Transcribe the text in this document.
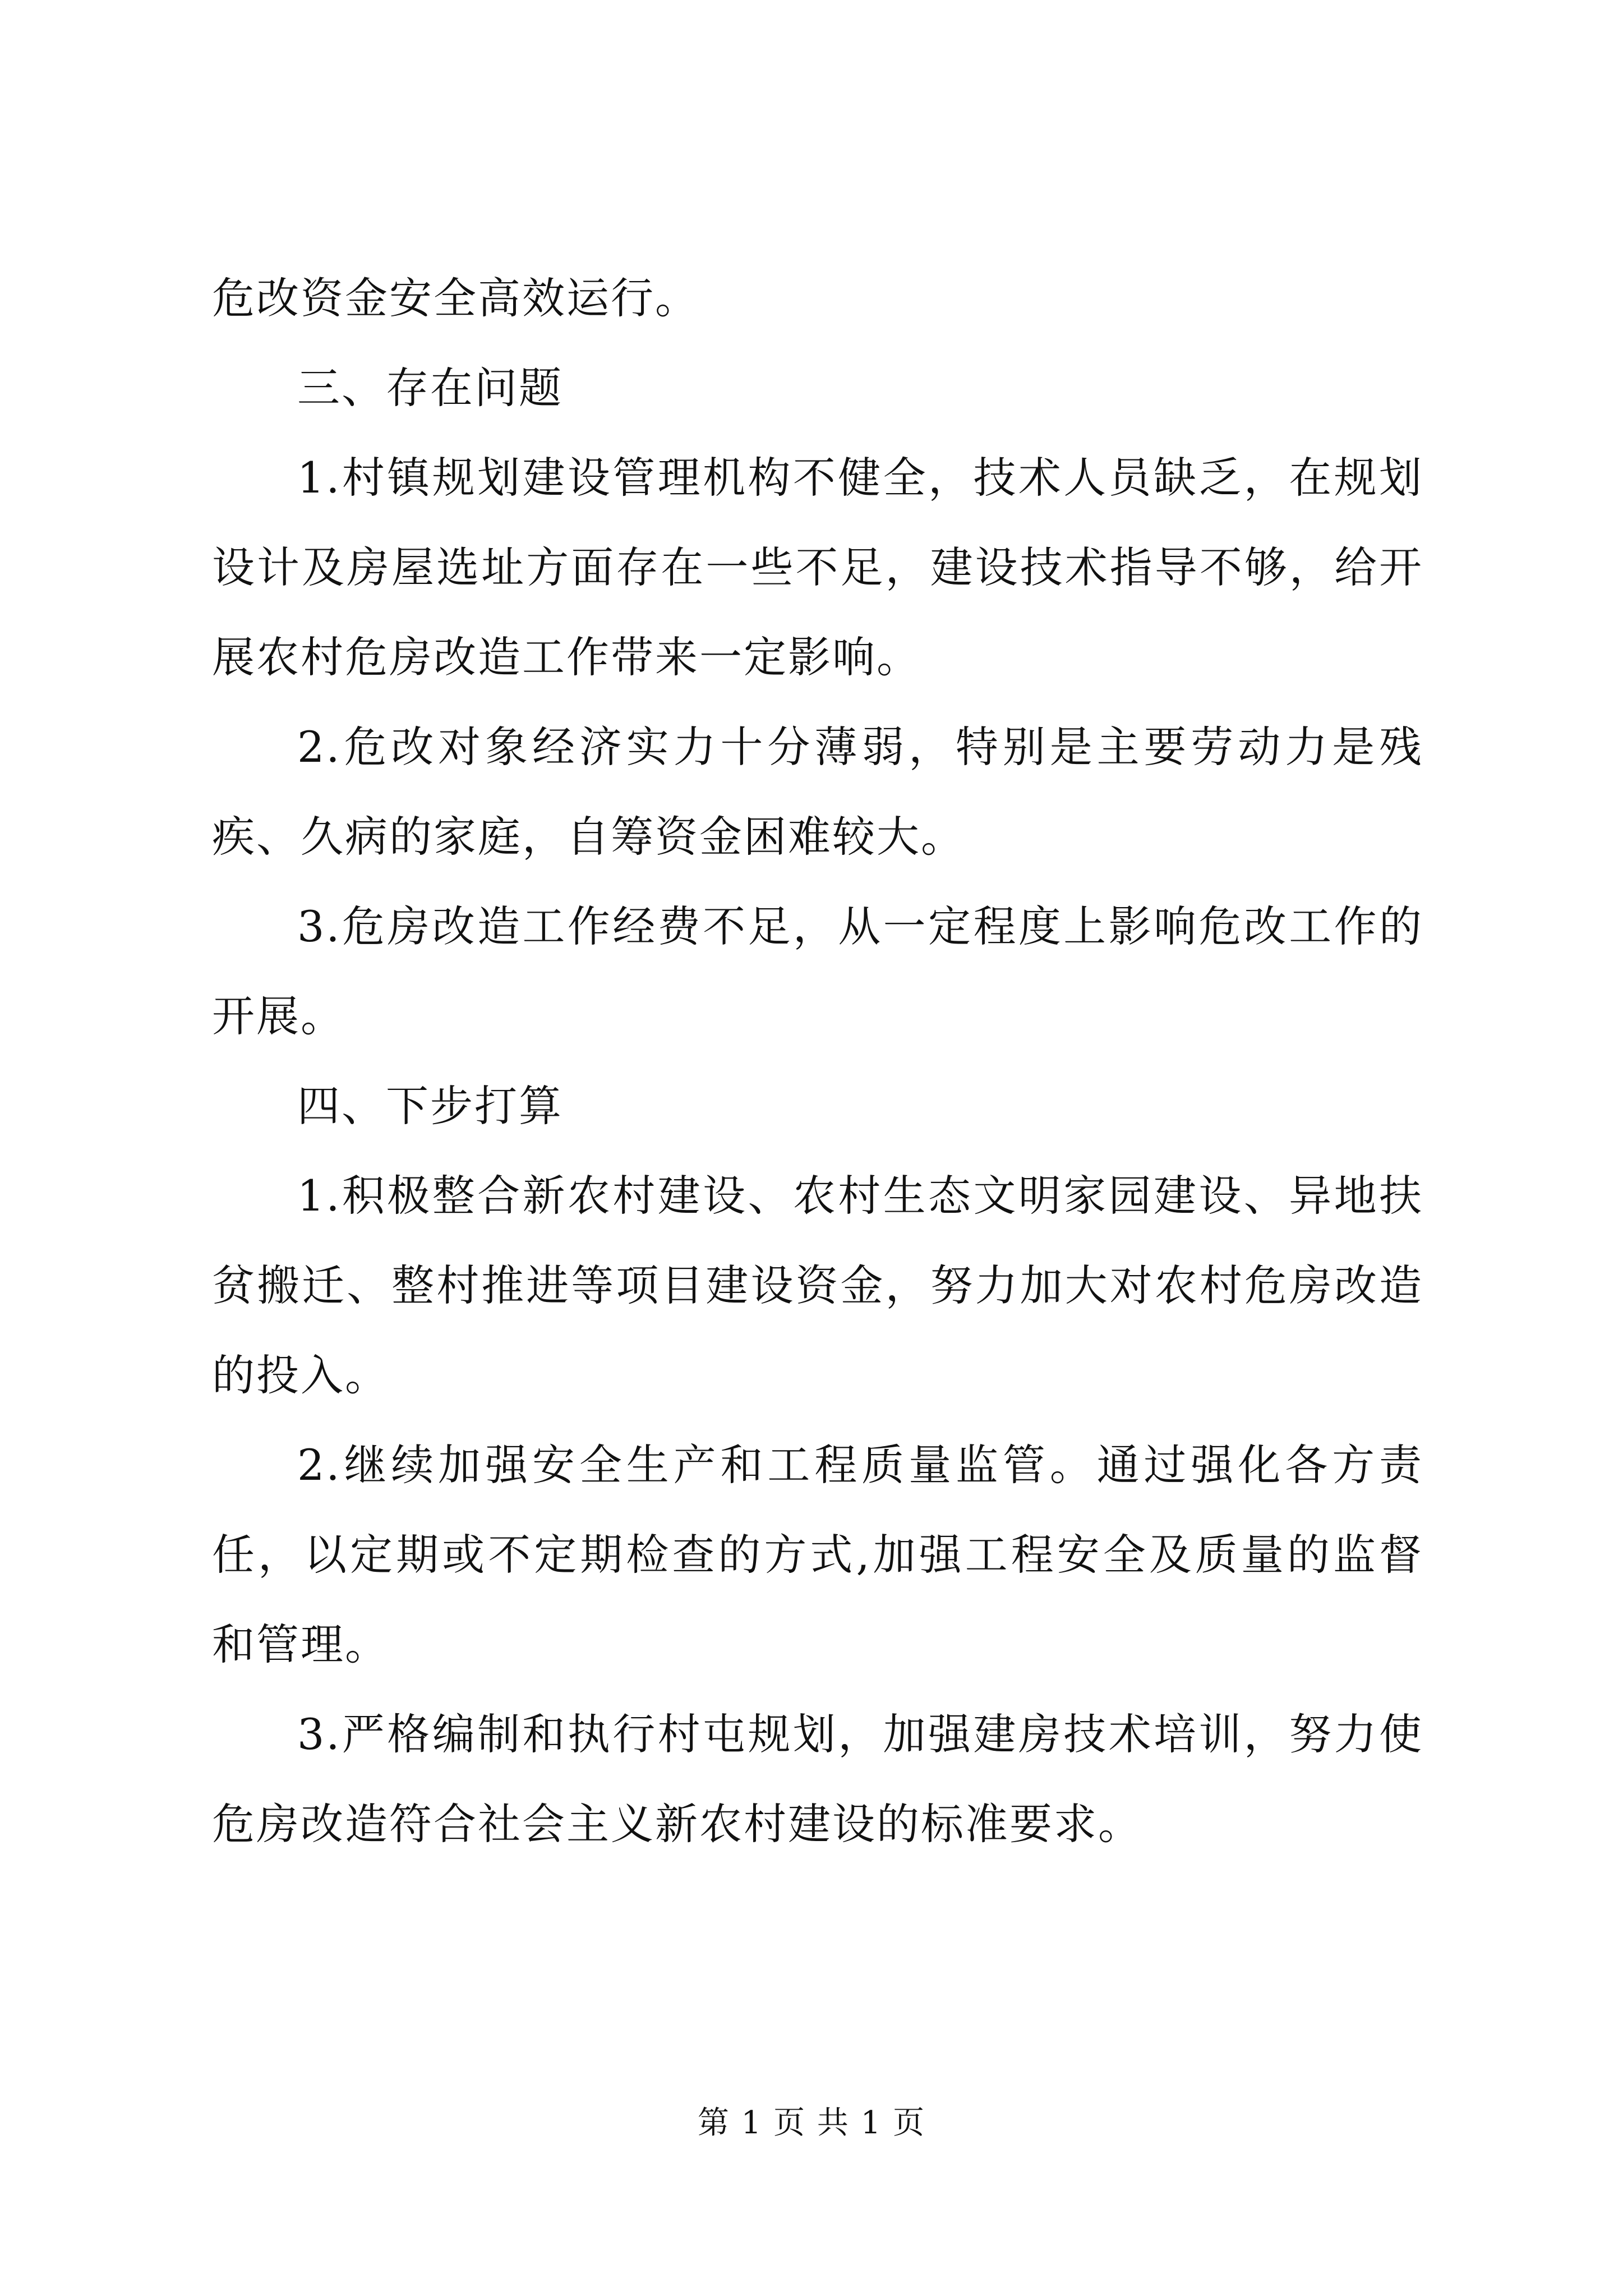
危改资金安全高效运行。

三、存在问题

1.村镇规划建设管理机构不健全，技术人员缺乏，在规划设计及房屋选址方面存在一些不足，建设技术指导不够，给开展农村危房改造工作带来一定影响。

2.危改对象经济实力十分薄弱，特别是主要劳动力是残疾、久病的家庭，自筹资金困难较大。

3.危房改造工作经费不足，从一定程度上影响危改工作的开展。

四、下步打算

1.积极整合新农村建设、农村生态文明家园建设、异地扶贫搬迁、整村推进等项目建设资金，努力加大对农村危房改造的投入。

2.继续加强安全生产和工程质量监管。通过强化各方责任，以定期或不定期检查的方式,加强工程安全及质量的监督和管理。

3.严格编制和执行村屯规划，加强建房技术培训，努力使危房改造符合社会主义新农村建设的标准要求。

第 1 页 共 1 页
